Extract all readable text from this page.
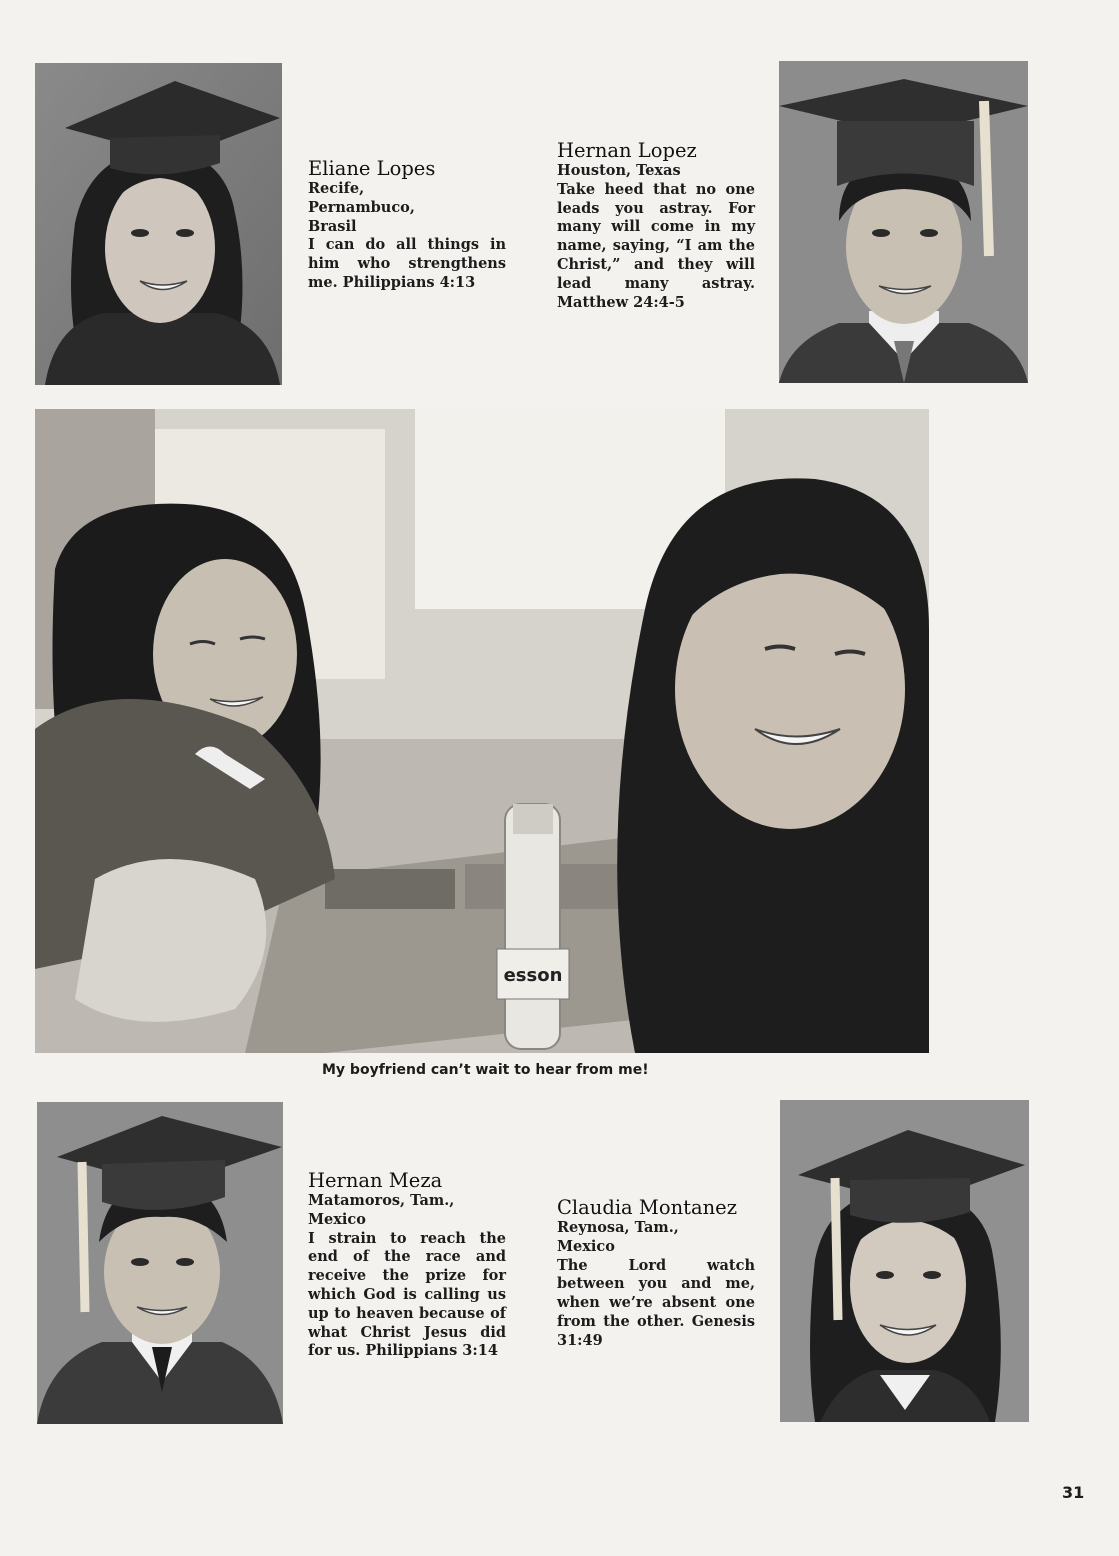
Eliane Lopes
Recife,
Pernambuco,
Brasil
I can do all things in him who strengthens me. Philippians 4:13
Hernan Lopez
Houston, Texas
Take heed that no one leads you astray. For many will come in my name, saying, “I am the Christ,” and they will lead many astray. Matthew 24:4-5
esson
My boyfriend can’t wait to hear from me!
Hernan Meza
Matamoros, Tam.,
Mexico
I strain to reach the end of the race and receive the prize for which God is calling us up to heaven because of what Christ Jesus did for us. Philippians 3:14
Claudia Montanez
Reynosa, Tam.,
Mexico
The Lord watch between you and me, when we’re absent one from the other. Genesis 31:49
31
